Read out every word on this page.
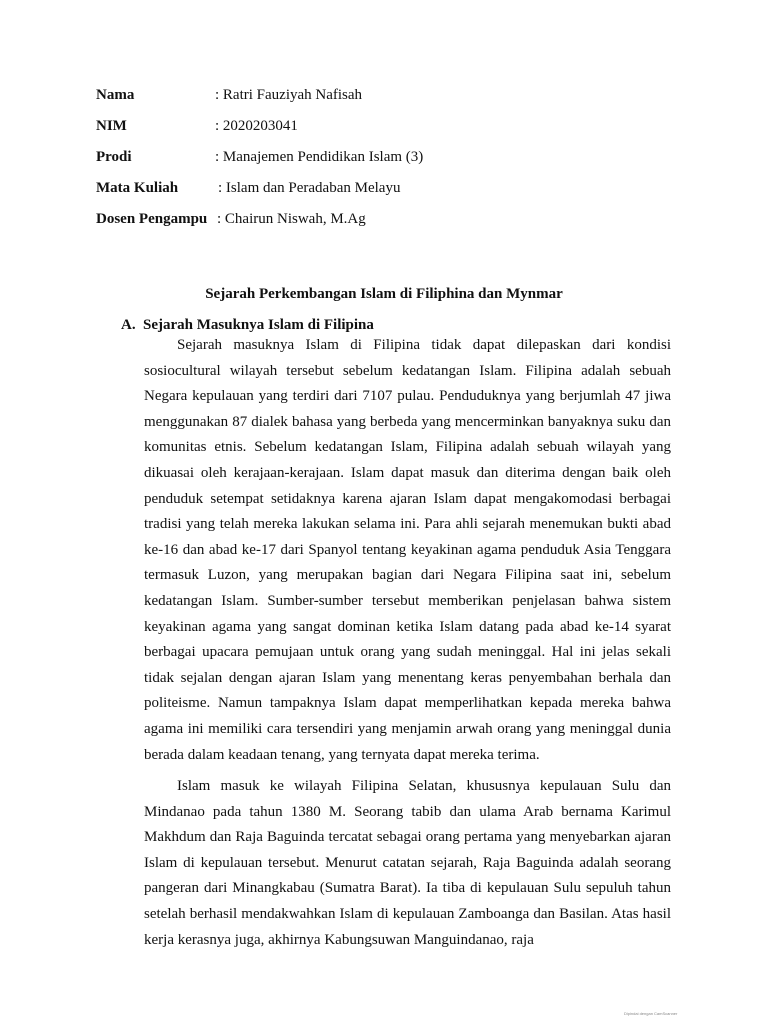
Nama	: Ratri Fauziyah Nafisah
NIM	: 2020203041
Prodi	: Manajemen Pendidikan Islam (3)
Mata Kuliah	: Islam dan Peradaban Melayu
Dosen Pengampu : Chairun Niswah, M.Ag
Sejarah Perkembangan Islam di Filiphina dan Mynmar
A. Sejarah Masuknya Islam di Filipina

Sejarah masuknya Islam di Filipina tidak dapat dilepaskan dari kondisi sosiocultural wilayah tersebut sebelum kedatangan Islam. Filipina adalah sebuah Negara kepulauan yang terdiri dari 7107 pulau. Penduduknya yang berjumlah 47 jiwa menggunakan 87 dialek bahasa yang berbeda yang mencerminkan banyaknya suku dan komunitas etnis. Sebelum kedatangan Islam, Filipina adalah sebuah wilayah yang dikuasai oleh kerajaan-kerajaan. Islam dapat masuk dan diterima dengan baik oleh penduduk setempat setidaknya karena ajaran Islam dapat mengakomodasi berbagai tradisi yang telah mereka lakukan selama ini. Para ahli sejarah menemukan bukti abad ke-16 dan abad ke-17 dari Spanyol tentang keyakinan agama penduduk Asia Tenggara termasuk Luzon, yang merupakan bagian dari Negara Filipina saat ini, sebelum kedatangan Islam. Sumber-sumber tersebut memberikan penjelasan bahwa sistem keyakinan agama yang sangat dominan ketika Islam datang pada abad ke-14 syarat berbagai upacara pemujaan untuk orang yang sudah meninggal. Hal ini jelas sekali tidak sejalan dengan ajaran Islam yang menentang keras penyembahan berhala dan politeisme. Namun tampaknya Islam dapat memperlihatkan kepada mereka bahwa agama ini memiliki cara tersendiri yang menjamin arwah orang yang meninggal dunia berada dalam keadaan tenang, yang ternyata dapat mereka terima.

Islam masuk ke wilayah Filipina Selatan, khususnya kepulauan Sulu dan Mindanao pada tahun 1380 M. Seorang tabib dan ulama Arab bernama Karimul Makhdum dan Raja Baguinda tercatat sebagai orang pertama yang menyebarkan ajaran Islam di kepulauan tersebut. Menurut catatan sejarah, Raja Baguinda adalah seorang pangeran dari Minangkabau (Sumatra Barat). Ia tiba di kepulauan Sulu sepuluh tahun setelah berhasil mendakwahkan Islam di kepulauan Zamboanga dan Basilan. Atas hasil kerja kerasnya juga, akhirnya Kabungsuwan Manguindanao, raja

Dipindai dengan CamScanner
